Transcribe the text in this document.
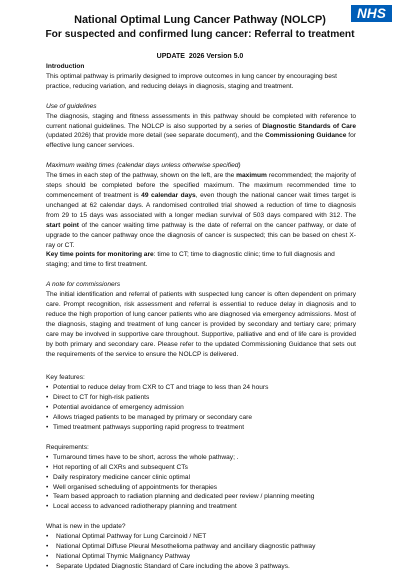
NHS
National Optimal Lung Cancer Pathway (NOLCP)
For suspected and confirmed lung cancer: Referral to treatment
UPDATE  2026 Version 5.0

Introduction

This optimal pathway is primarily designed to improve outcomes in lung cancer by encouraging best practice, reducing variation, and reducing delays in diagnosis, staging and treatment.

Use of guidelines

The diagnosis, staging and fitness assessments in this pathway should be completed with reference to current national guidelines. The NOLCP is also supported by a series of Diagnostic Standards of Care (updated 2026) that provide more detail (see separate document), and the Commissioning Guidance for effective lung cancer services.

Maximum waiting times (calendar days unless otherwise specified)

The times in each step of the pathway, shown on the left, are the maximum recommended; the majority of steps should be completed before the specified maximum. The maximum recommended time to commencement of treatment is 49 calendar days, even though the national cancer wait times target is unchanged at 62 calendar days. A randomised controlled trial showed a reduction of time to diagnosis from 29 to 15 days was associated with a longer median survival of 503 days compared with 312. The start point of the cancer waiting time pathway is the date of referral on the cancer pathway, or date of upgrade to the cancer pathway once the diagnosis of cancer is suspected; this can be based on chest X-ray or CT.

Key time points for monitoring are: time to CT; time to diagnostic clinic; time to full diagnosis and staging; and time to first treatment.

A note for commissioners

The initial identification and referral of patients with suspected lung cancer is often dependent on primary care. Prompt recognition, risk assessment and referral is essential to reduce delay in diagnosis and to reduce the high proportion of lung cancer patients who are diagnosed via emergency admissions. Most of the diagnosis, staging and treatment of lung cancer is provided by secondary and tertiary care; primary care may be involved in supportive care throughout. Supportive, palliative and end of life care is provided by both primary and secondary care. Please refer to the updated Commissioning Guidance that sets out the requirements of the service to ensure the NOLCP is delivered.

Key features:

• Potential to reduce delay from CXR to CT and triage to less than 24 hours
• Direct to CT for high-risk patients
• Potential avoidance of emergency admission
• Allows triaged patients to be managed by primary or secondary care
• Timed treatment pathways supporting rapid progress to treatment

Requirements:

• Turnaround times have to be short, across the whole pathway; .
• Hot reporting of all CXRs and subsequent CTs
• Daily respiratory medicine cancer clinic optimal
• Well organised scheduling of appointments for therapies
• Team based approach to radiation planning and dedicated peer review / planning meeting
• Local access to advanced radiotherapy planning and treatment

What is new in the update?

• National Optimal Pathway for Lung Carcinoid / NET
• National Optimal Diffuse Pleural Mesothelioma pathway and ancillary diagnostic pathway
• National Optimal Thymic Malignancy Pathway
• Separate Updated Diagnostic Standard of Care including the above 3 pathways.
